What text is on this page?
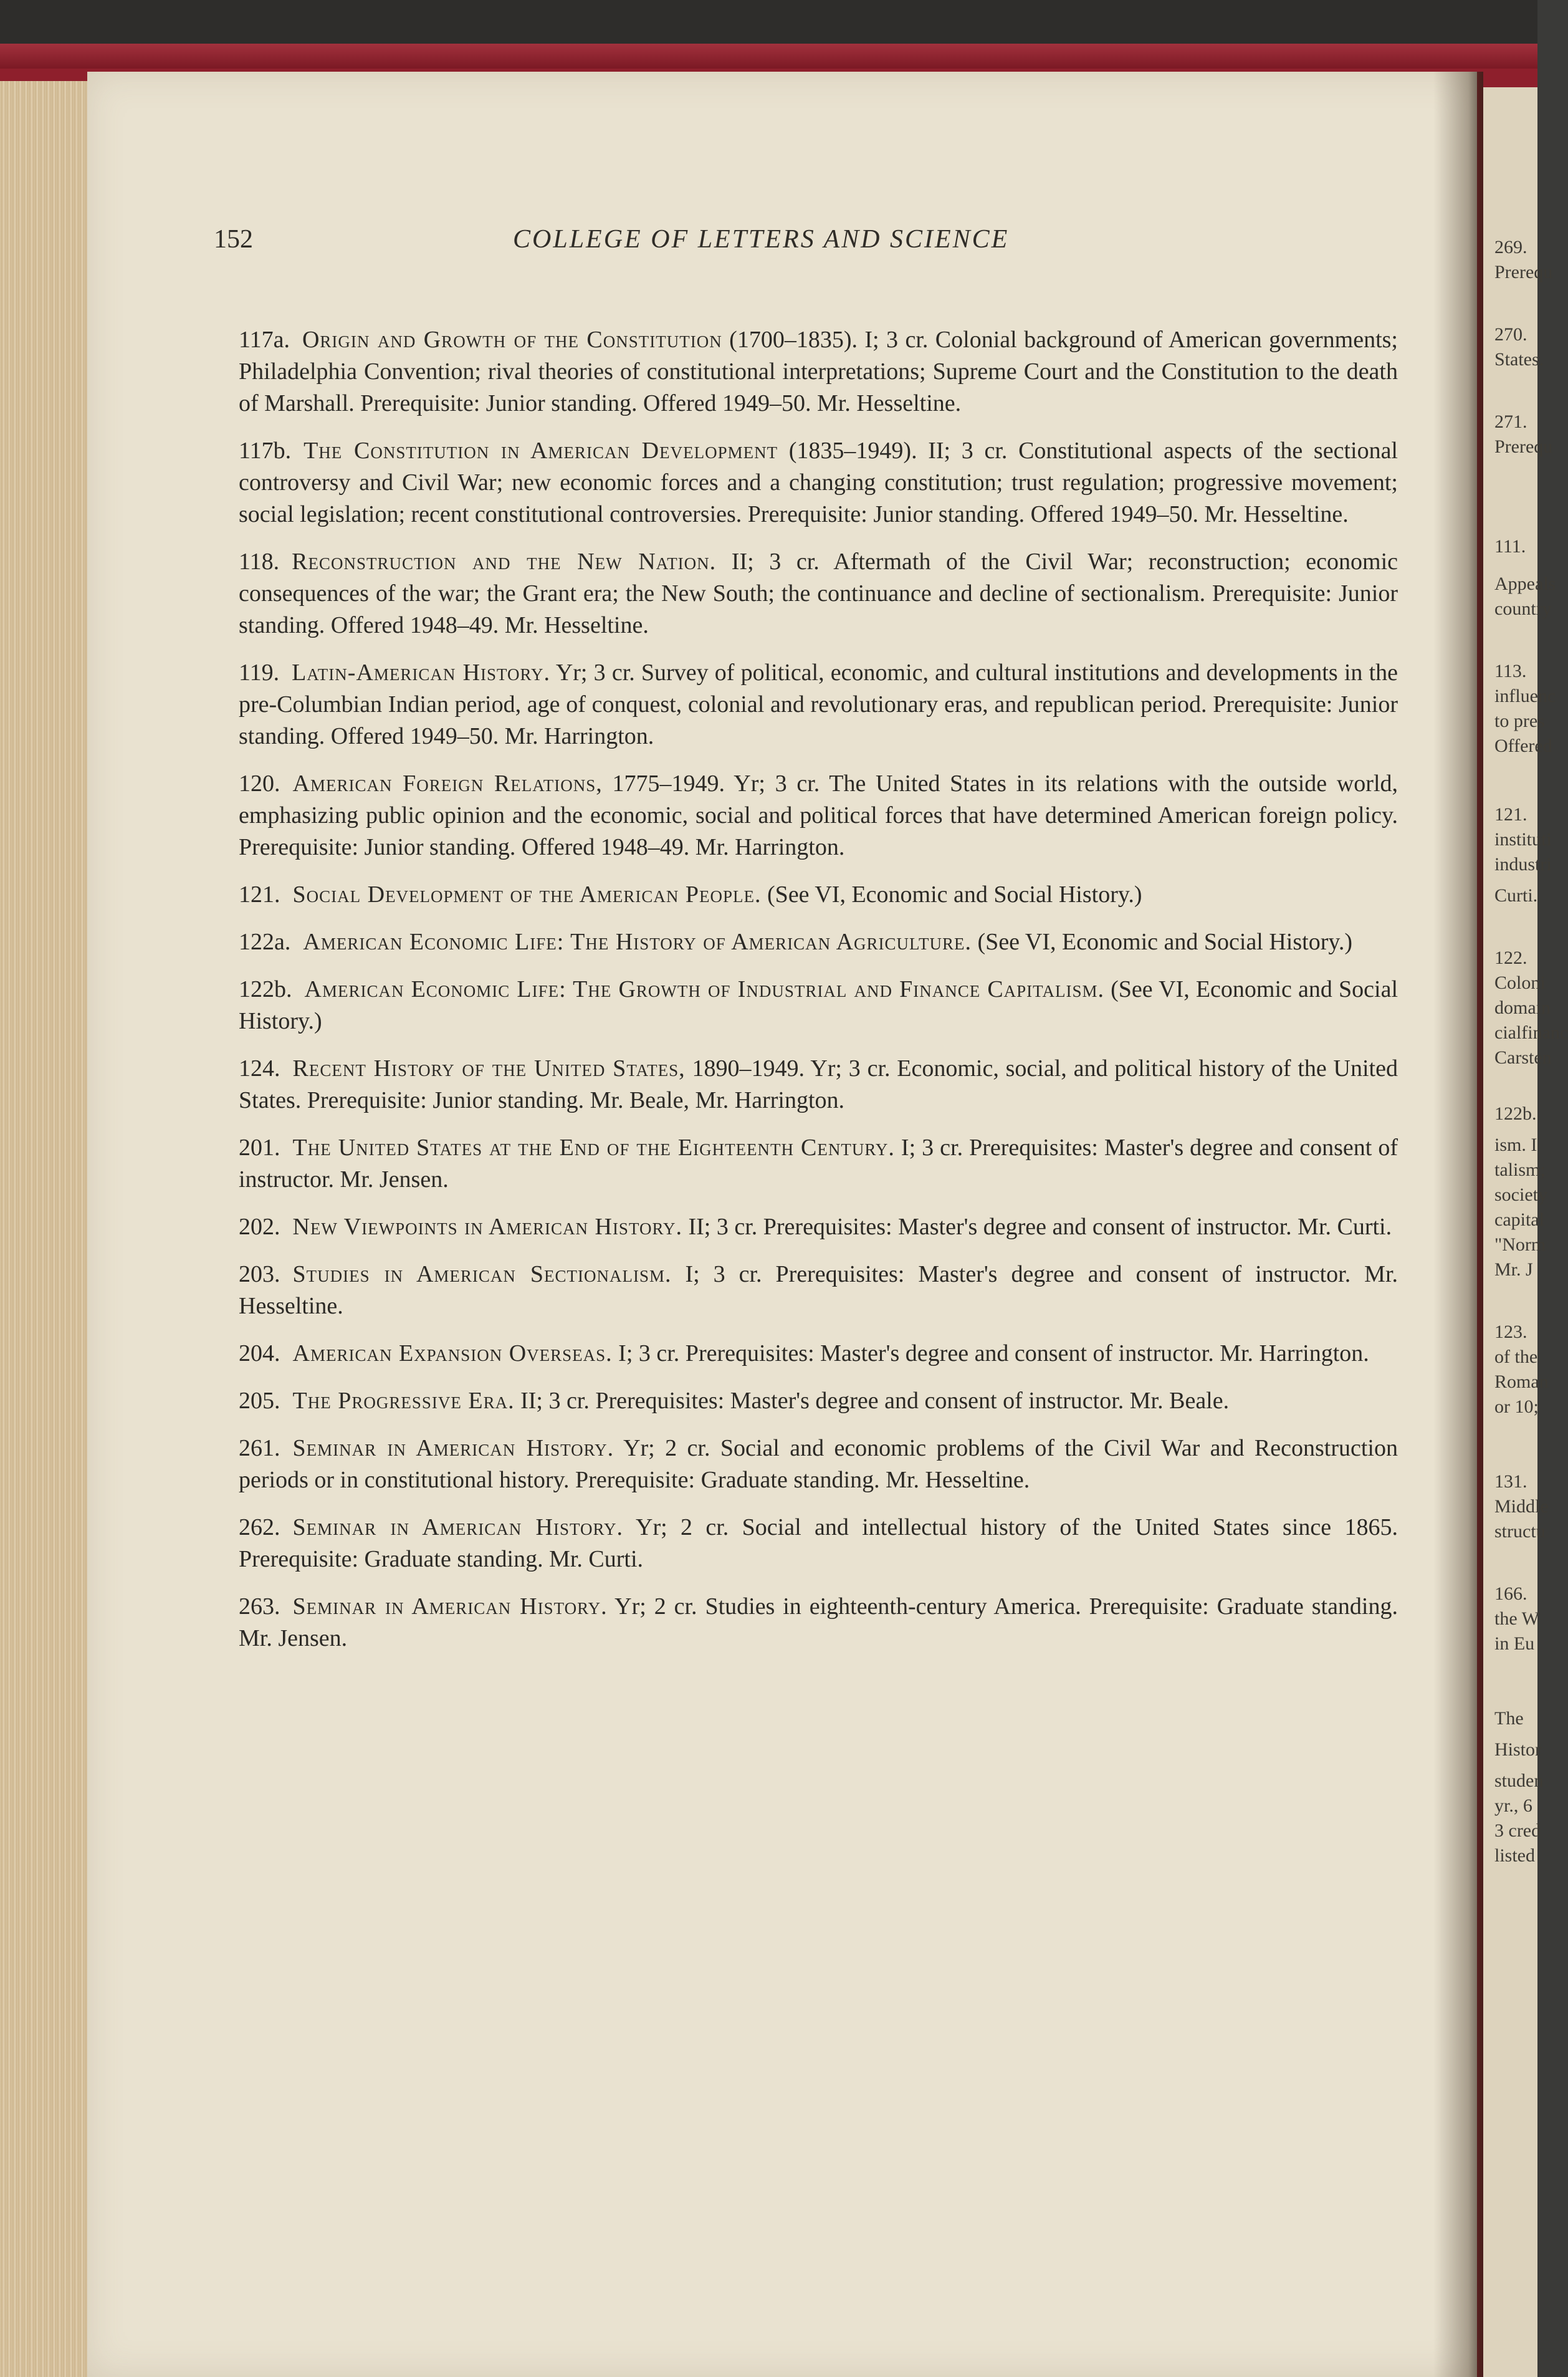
269.
Prerequ
270.
States.
271.
Prerequ
111.
Appeals
country
113.
influenc
to pres
Offered
121.
instituti
industri
Curti.
122.
Coloni
domain
cialfinanc
Carsten
122b.
ism. I
talism;
society
capital
"Norm
Mr. J
123.
of the
Roman
or 10;
131.
Middle
structu
166.
the W
in Eu
The
Histor
studen
yr., 6
3 cred
listed
152	COLLEGE OF LETTERS AND SCIENCE

117a. Origin and Growth of the Constitution (1700–1835). I; 3 cr. Colonial background of American governments; Philadelphia Convention; rival theories of constitutional interpretations; Supreme Court and the Constitution to the death of Marshall. Prerequisite: Junior standing. Offered 1949–50. Mr. Hesseltine.

117b. The Constitution in American Development (1835–1949). II; 3 cr. Constitutional aspects of the sectional controversy and Civil War; new economic forces and a changing constitution; trust regulation; progressive movement; social legislation; recent constitutional controversies. Prerequisite: Junior standing. Offered 1949–50. Mr. Hesseltine.

118. Reconstruction and the New Nation. II; 3 cr. Aftermath of the Civil War; reconstruction; economic consequences of the war; the Grant era; the New South; the continuance and decline of sectionalism. Prerequisite: Junior standing. Offered 1948–49. Mr. Hesseltine.

119. Latin-American History. Yr; 3 cr. Survey of political, economic, and cultural institutions and developments in the pre-Columbian Indian period, age of conquest, colonial and revolutionary eras, and republican period. Prerequisite: Junior standing. Offered 1949–50. Mr. Harrington.

120. American Foreign Relations, 1775–1949. Yr; 3 cr. The United States in its relations with the outside world, emphasizing public opinion and the economic, social and political forces that have determined American foreign policy. Prerequisite: Junior standing. Offered 1948–49. Mr. Harrington.

121. Social Development of the American People. (See VI, Economic and Social History.)

122a. American Economic Life: The History of American Agriculture. (See VI, Economic and Social History.)

122b. American Economic Life: The Growth of Industrial and Finance Capitalism. (See VI, Economic and Social History.)

124. Recent History of the United States, 1890–1949. Yr; 3 cr. Economic, social, and political history of the United States. Prerequisite: Junior standing. Mr. Beale, Mr. Harrington.

201. The United States at the End of the Eighteenth Century. I; 3 cr. Prerequisites: Master's degree and consent of instructor. Mr. Jensen.

202. New Viewpoints in American History. II; 3 cr. Prerequisites: Master's degree and consent of instructor. Mr. Curti.

203. Studies in American Sectionalism. I; 3 cr. Prerequisites: Master's degree and consent of instructor. Mr. Hesseltine.

204. American Expansion Overseas. I; 3 cr. Prerequisites: Master's degree and consent of instructor. Mr. Harrington.

205. The Progressive Era. II; 3 cr. Prerequisites: Master's degree and consent of instructor. Mr. Beale.

261. Seminar in American History. Yr; 2 cr. Social and economic problems of the Civil War and Reconstruction periods or in constitutional history. Prerequisite: Graduate standing. Mr. Hesseltine.

262. Seminar in American History. Yr; 2 cr. Social and intellectual history of the United States since 1865. Prerequisite: Graduate standing. Mr. Curti.

263. Seminar in American History. Yr; 2 cr. Studies in eighteenth-century America. Prerequisite: Graduate standing. Mr. Jensen.
